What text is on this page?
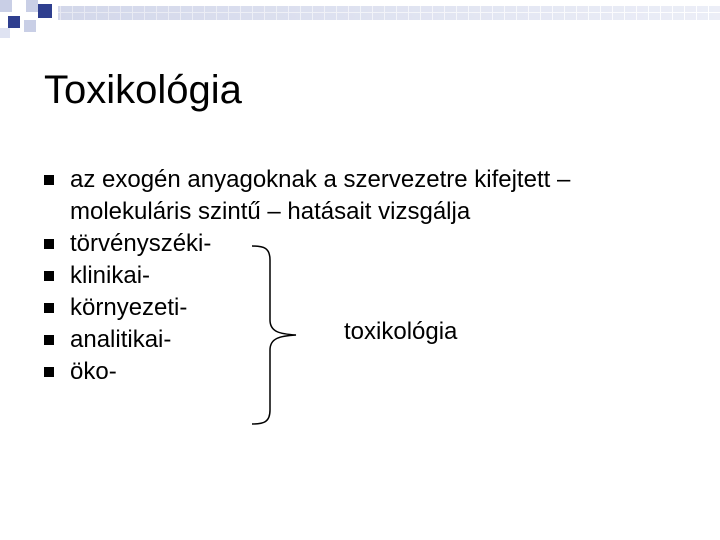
Toxikológia
az exogén anyagoknak a szervezetre kifejtett – molekuláris szintű – hatásait vizsgálja
törvényszéki-
klinikai-
környezeti-
analitikai-
öko-
toxikológia
